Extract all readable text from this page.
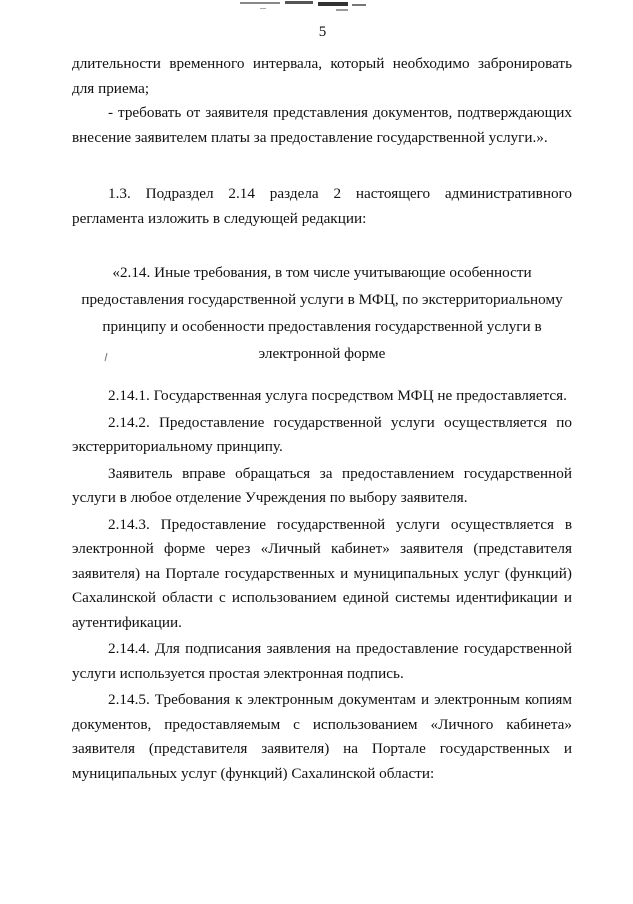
5

длительности временного интервала, который необходимо забронировать для приема;

- требовать от заявителя представления документов, подтверждающих внесение заявителем платы за предоставление государственной услуги.».

1.3. Подраздел 2.14 раздела 2 настоящего административного регламента изложить в следующей редакции:

«2.14. Иные требования, в том числе учитывающие особенности предоставления государственной услуги в МФЦ, по экстерриториальному принципу и особенности предоставления государственной услуги в электронной форме

2.14.1. Государственная услуга посредством МФЦ не предоставляется.

2.14.2. Предоставление государственной услуги осуществляется по экстерриториальному принципу.

Заявитель вправе обращаться за предоставлением государственной услуги в любое отделение Учреждения по выбору заявителя.

2.14.3. Предоставление государственной услуги осуществляется в электронной форме через «Личный кабинет» заявителя (представителя заявителя) на Портале государственных и муниципальных услуг (функций) Сахалинской области с использованием единой системы идентификации и аутентификации.

2.14.4. Для подписания заявления на предоставление государственной услуги используется простая электронная подпись.

2.14.5. Требования к электронным документам и электронным копиям документов, предоставляемым с использованием «Личного кабинета» заявителя (представителя заявителя) на Портале государственных и муниципальных услуг (функций) Сахалинской области:
